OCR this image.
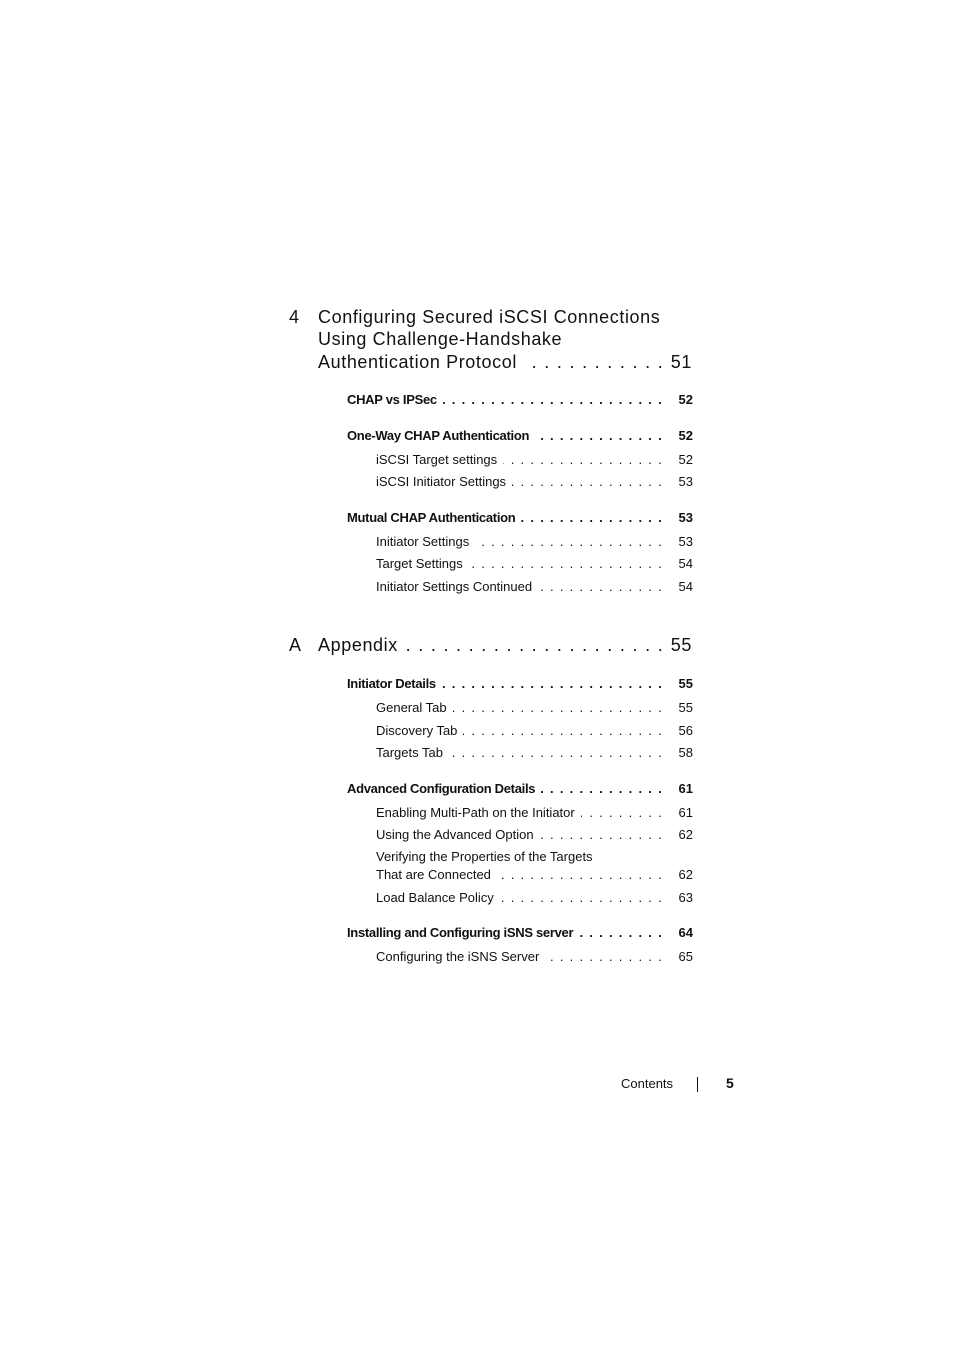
4 Configuring Secured iSCSI Connections
Using Challenge-Handshake
Authentication Protocol . . .	51
CHAP vs IPSec . . .	52
One-Way CHAP Authentication . . .	52
iSCSI Target settings . . .	52
iSCSI Initiator Settings . . .	53
Mutual CHAP Authentication . . .	53
Initiator Settings . . .	53
Target Settings . . .	54
Initiator Settings Continued . . .	54
A Appendix . . .	55
Initiator Details . . .	55
General Tab . . .	55
Discovery Tab . . .	56
Targets Tab . . .	58
Advanced Configuration Details . . .	61
Enabling Multi-Path on the Initiator . . .	61
Using the Advanced Option . . .	62
Verifying the Properties of the Targets
That are Connected . . .	62
Load Balance Policy . . .	63
Installing and Configuring iSNS server . . .	64
Configuring the iSNS Server . . .	65
Contents	5
